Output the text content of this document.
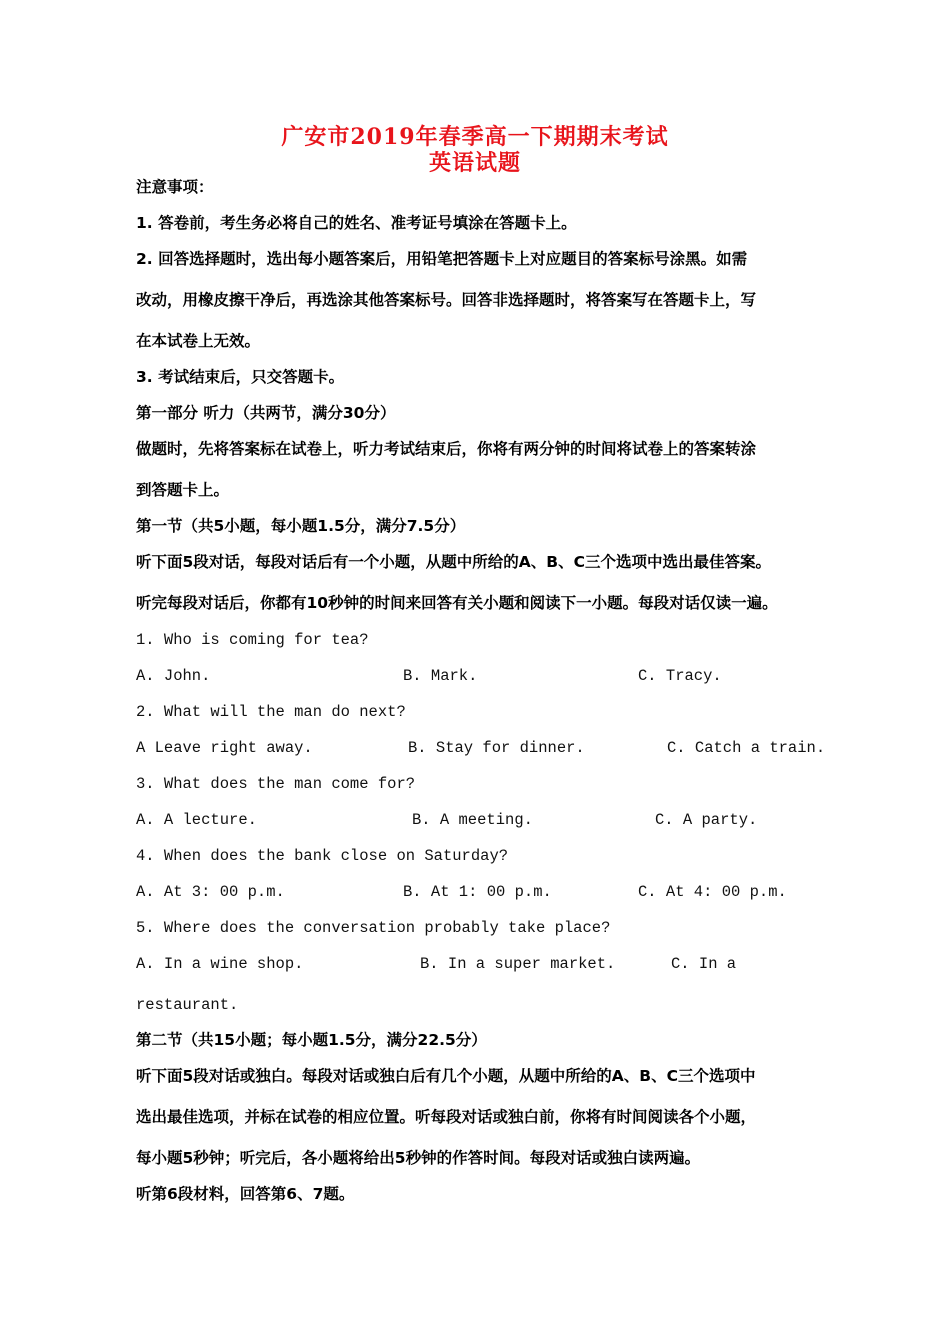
广安市2019年春季高一下期期末考试
英语试题
注意事项：
1. 答卷前，考生务必将自己的姓名、准考证号填涂在答题卡上。
2. 回答选择题时，选出每小题答案后，用铅笔把答题卡上对应题目的答案标号涂黑。如需
改动，用橡皮擦干净后，再选涂其他答案标号。回答非选择题时，将答案写在答题卡上，写
在本试卷上无效。
3. 考试结束后，只交答题卡。
第一部分 听力（共两节，满分30分）
做题时，先将答案标在试卷上，听力考试结束后，你将有两分钟的时间将试卷上的答案转涂
到答题卡上。
第一节（共5小题，每小题1.5分，满分7.5分）
听下面5段对话，每段对话后有一个小题，从题中所给的A、B、C三个选项中选出最佳答案。
听完每段对话后，你都有10秒钟的时间来回答有关小题和阅读下一小题。每段对话仅读一遍。
1. Who is coming for tea?
A. John.	B. Mark.	C. Tracy.
2. What will the man do next?
A Leave right away.	B. Stay for dinner.	C. Catch a train.
3. What does the man come for?
A. A lecture.	B. A meeting.	C. A party.
4. When does the bank close on Saturday?
A. At 3: 00 p.m.	B. At 1: 00 p.m.	C. At 4: 00 p.m.
5. Where does the conversation probably take place?
A. In a wine shop.	B. In a super market.	C. In a
restaurant.
第二节（共15小题；每小题1.5分，满分22.5分）
听下面5段对话或独白。每段对话或独白后有几个小题，从题中所给的A、B、C三个选项中
选出最佳选项，并标在试卷的相应位置。听每段对话或独白前，你将有时间阅读各个小题，
每小题5秒钟；听完后，各小题将给出5秒钟的作答时间。每段对话或独白读两遍。
听第6段材料，回答第6、7题。
